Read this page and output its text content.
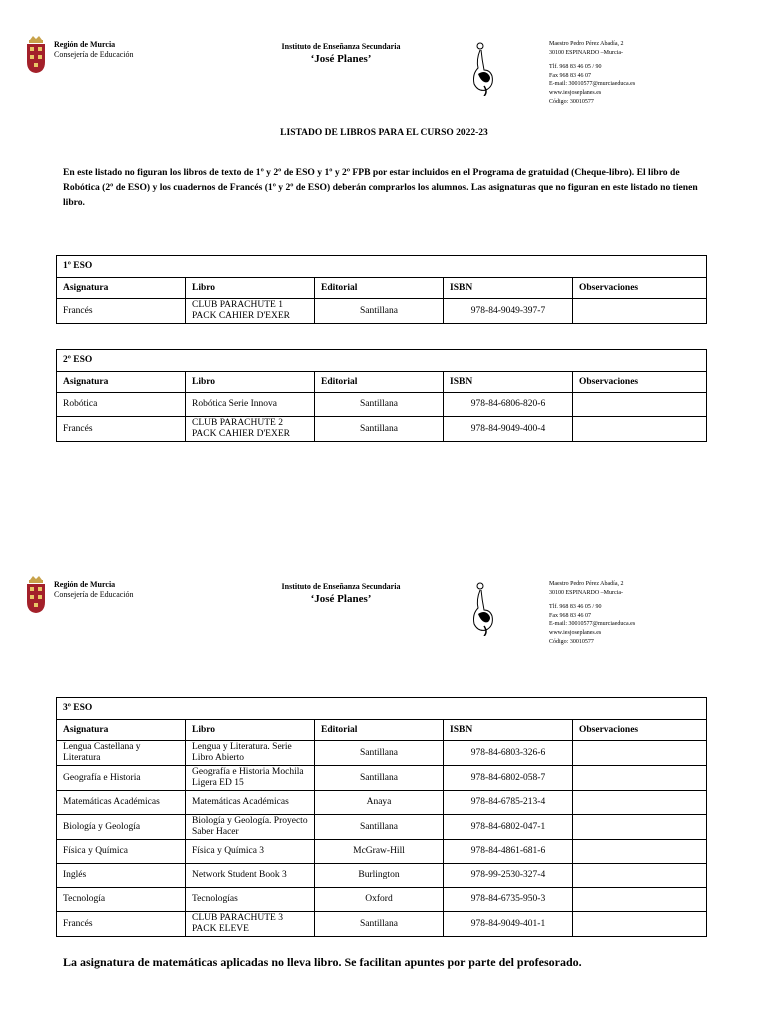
Región de Murcia
Consejería de Educación
Instituto de Enseñanza Secundaria
‘José Planes’
Maestro Pedro Pérez Abadía, 2
30100 ESPINARDO –Murcia-
Tlf. 968 83 46 05 / 90
Fax 968 83 46 07
E-mail: 30010577@murciaeduca.es
www.iesjoseplanes.es
Código: 30010577
LISTADO DE LIBROS PARA EL CURSO 2022-23
En este listado no figuran los libros de texto de 1º y 2º de ESO y 1º y 2º FPB por estar incluidos en el Programa de gratuidad (Cheque-libro). El libro de Robótica (2º de ESO) y los cuadernos de Francés (1º y 2º de ESO) deberán comprarlos los alumnos. Las asignaturas que no figuran en este listado no tienen libro.
1º ESO				
Asignatura	Libro	Editorial	ISBN	Observaciones
Francés	CLUB PARACHUTE 1 PACK CAHIER D'EXER	Santillana	978-84-9049-397-7	
2º ESO				
Asignatura	Libro	Editorial	ISBN	Observaciones
Robótica	Robótica Serie Innova	Santillana	978-84-6806-820-6	
Francés	CLUB PARACHUTE 2 PACK CAHIER D'EXER	Santillana	978-84-9049-400-4	
Región de Murcia
Consejería de Educación
Instituto de Enseñanza Secundaria
‘José Planes’
Maestro Pedro Pérez Abadía, 2
30100 ESPINARDO –Murcia-
Tlf. 968 83 46 05 / 90
Fax 968 83 46 07
E-mail: 30010577@murciaeduca.es
www.iesjoseplanes.es
Código: 30010577
3º ESO				
Asignatura	Libro	Editorial	ISBN	Observaciones
Lengua Castellana y Literatura	Lengua y Literatura. Serie Libro Abierto	Santillana	978-84-6803-326-6	
Geografía e Historia	Geografía e Historia Mochila Ligera ED 15	Santillana	978-84-6802-058-7	
Matemáticas Académicas	Matemáticas Académicas	Anaya	978-84-6785-213-4	
Biología y Geología	Biología y Geología. Proyecto Saber Hacer	Santillana	978-84-6802-047-1	
Física y Química	Física y Química 3	McGraw-Hill	978-84-4861-681-6	
Inglés	Network Student Book 3	Burlington	978-99-2530-327-4	
Tecnología	Tecnologías	Oxford	978-84-6735-950-3	
Francés	CLUB PARACHUTE 3 PACK ELEVE	Santillana	978-84-9049-401-1	
La asignatura de matemáticas aplicadas no lleva libro. Se facilitan apuntes por parte del profesorado.
